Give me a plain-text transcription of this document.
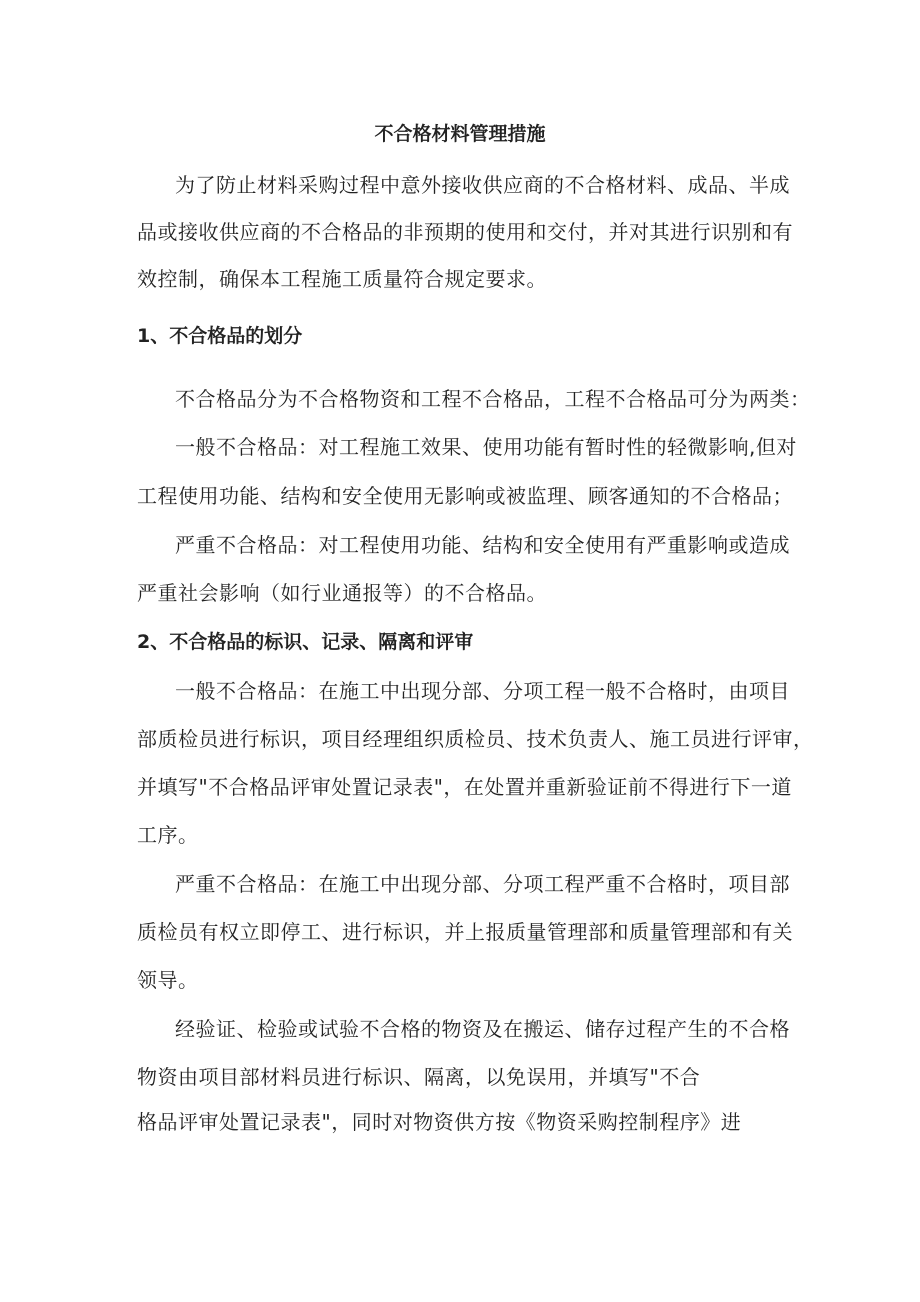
不合格材料管理措施
为了防止材料采购过程中意外接收供应商的不合格材料、成品、半成
品或接收供应商的不合格品的非预期的使用和交付，并对其进行识别和有
效控制，确保本工程施工质量符合规定要求。
1、不合格品的划分
不合格品分为不合格物资和工程不合格品，工程不合格品可分为两类：
一般不合格品：对工程施工效果、使用功能有暂时性的轻微影响,但对
工程使用功能、结构和安全使用无影响或被监理、顾客通知的不合格品；
严重不合格品：对工程使用功能、结构和安全使用有严重影响或造成
严重社会影响（如行业通报等）的不合格品。
2、不合格品的标识、记录、隔离和评审
一般不合格品：在施工中出现分部、分项工程一般不合格时，由项目
部质检员进行标识，项目经理组织质检员、技术负责人、施工员进行评审，
并填写"不合格品评审处置记录表"，在处置并重新验证前不得进行下一道
工序。
严重不合格品：在施工中出现分部、分项工程严重不合格时，项目部
质检员有权立即停工、进行标识，并上报质量管理部和质量管理部和有关
领导。
经验证、检验或试验不合格的物资及在搬运、储存过程产生的不合格
物资由项目部材料员进行标识、隔离，以免误用，并填写"不合
格品评审处置记录表"，同时对物资供方按《物资采购控制程序》进
